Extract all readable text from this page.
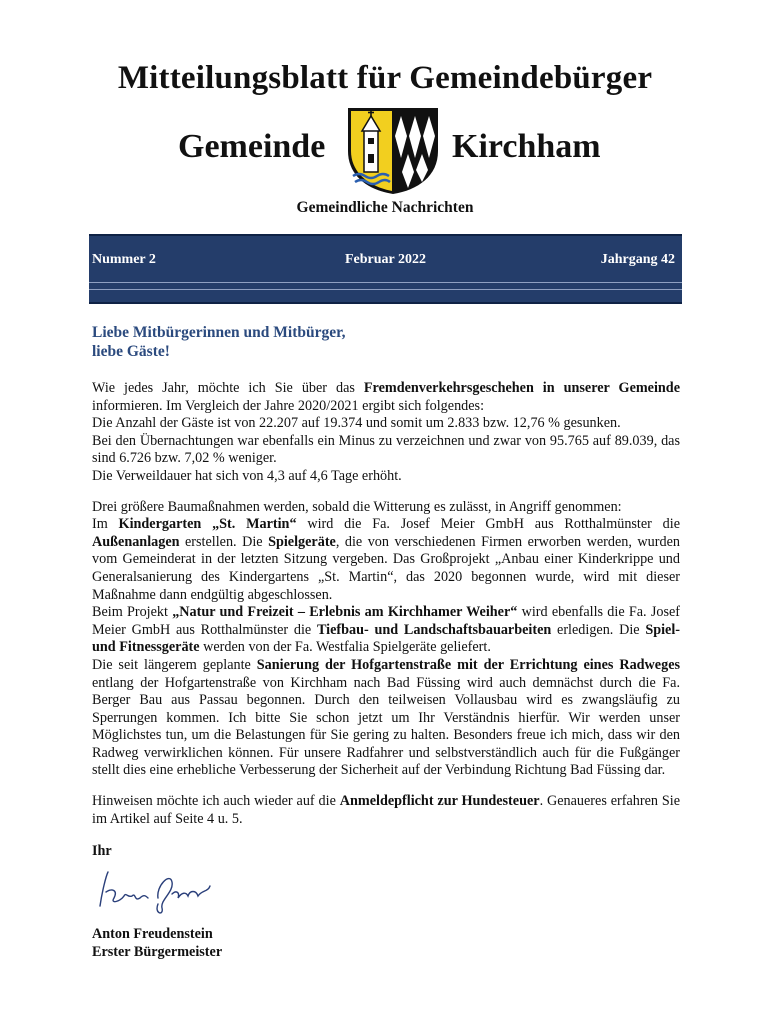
Mitteilungsblatt für Gemeindebürger
Gemeinde	Kirchham
Gemeindliche Nachrichten
Nummer 2	Februar 2022	Jahrgang 42
Liebe Mitbürgerinnen und Mitbürger,
liebe Gäste!

Wie jedes Jahr, möchte ich Sie über das Fremdenverkehrsgeschehen in unserer Gemeinde informieren. Im Vergleich der Jahre 2020/2021 ergibt sich folgendes:
Die Anzahl der Gäste ist von 22.207 auf 19.374 und somit um 2.833 bzw. 12,76 % gesunken.
Bei den Übernachtungen war ebenfalls ein Minus zu verzeichnen und zwar von 95.765 auf 89.039, das sind 6.726 bzw. 7,02 % weniger.
Die Verweildauer hat sich von 4,3 auf 4,6 Tage erhöht.

Drei größere Baumaßnahmen werden, sobald die Witterung es zulässt, in Angriff genommen:
Im Kindergarten „St. Martin“ wird die Fa. Josef Meier GmbH aus Rotthalmünster die Außenanlagen erstellen. Die Spielgeräte, die von verschiedenen Firmen erworben werden, wurden vom Gemeinderat in der letzten Sitzung vergeben. Das Großprojekt „Anbau einer Kinderkrippe und Generalsanierung des Kindergartens „St. Martin“, das 2020 begonnen wurde, wird mit dieser Maßnahme dann endgültig abgeschlossen.
Beim Projekt „Natur und Freizeit – Erlebnis am Kirchhamer Weiher“ wird ebenfalls die Fa. Josef Meier GmbH aus Rotthalmünster die Tiefbau- und Landschaftsbauarbeiten erledigen. Die Spiel- und Fitnessgeräte werden von der Fa. Westfalia Spielgeräte geliefert.
Die seit längerem geplante Sanierung der Hofgartenstraße mit der Errichtung eines Radweges entlang der Hofgartenstraße von Kirchham nach Bad Füssing wird auch demnächst durch die Fa. Berger Bau aus Passau begonnen. Durch den teilweisen Vollausbau wird es zwangsläufig zu Sperrungen kommen. Ich bitte Sie schon jetzt um Ihr Verständnis hierfür. Wir werden unser Möglichstes tun, um die Belastungen für Sie gering zu halten. Besonders freue ich mich, dass wir den Radweg verwirklichen können. Für unsere Radfahrer und selbstverständlich auch für die Fußgänger stellt dies eine erhebliche Verbesserung der Sicherheit auf der Verbindung Richtung Bad Füssing dar.

Hinweisen möchte ich auch wieder auf die Anmeldepflicht zur Hundesteuer. Genaueres erfahren Sie im Artikel auf Seite 4 u. 5.

Ihr
Anton Freudenstein
Erster Bürgermeister
